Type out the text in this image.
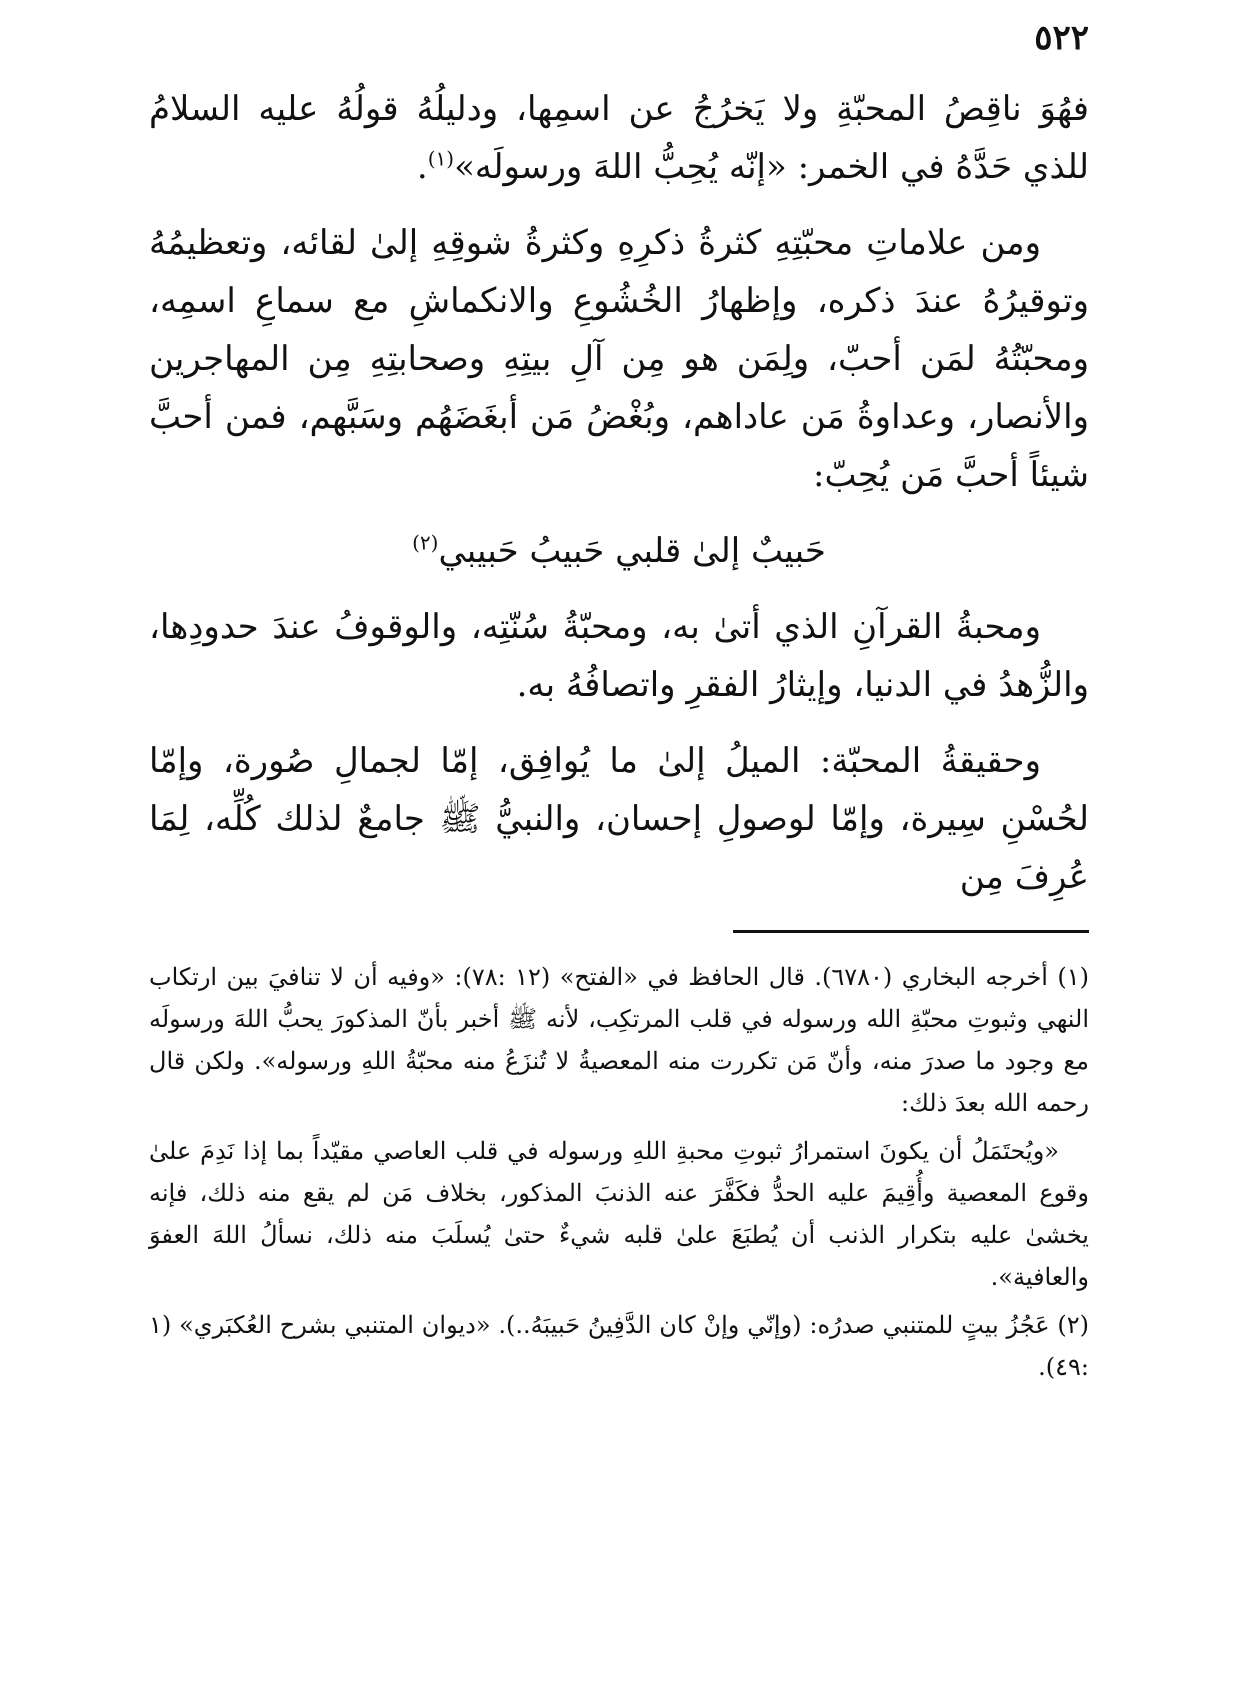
٥٢٢

فهُوَ ناقِصُ المحبّةِ ولا يَخرُجُ عن اسمِها، ودليلُهُ قولُهُ عليه السلامُ للذي حَدَّهُ في الخمر: «إنّه يُحِبُّ اللهَ ورسولَه»$^{(١)}$.

ومن علاماتِ محبّتِهِ كثرةُ ذكرِهِ وكثرةُ شوقِهِ إلىٰ لقائه، وتعظيمُهُ وتوقيرُهُ عندَ ذكره، وإظهارُ الخُشُوعِ والانكماشِ مع سماعِ اسمِه، ومحبّتُهُ لمَن أحبّ، ولِمَن هو مِن آلِ بيتِهِ وصحابتِهِ مِن المهاجرين والأنصار، وعداوةُ مَن عاداهم، وبُغْضُ مَن أبغَضَهُم وسَبَّهم، فمن أحبَّ شيئاً أحبَّ مَن يُحِبّ:

حَبيبٌ إلىٰ قلبي حَبيبُ حَبيبي$^{(٢)}$

ومحبةُ القرآنِ الذي أتىٰ به، ومحبّةُ سُنّتِه، والوقوفُ عندَ حدودِها، والزُّهدُ في الدنيا، وإيثارُ الفقرِ واتصافُهُ به.

وحقيقةُ المحبّة: الميلُ إلىٰ ما يُوافِق، إمّا لجمالِ صُورة، وإمّا لحُسْنِ سِيرة، وإمّا لوصولِ إحسان، والنبيُّ ﷺ جامعٌ لذلك كُلِّه، لِمَا عُرِفَ مِن

(١) أخرجه البخاري (٦٧٨٠). قال الحافظ في «الفتح» (١٢ :٧٨): «وفيه أن لا تنافيَ بين ارتكاب النهي وثبوتِ محبّةِ الله ورسوله في قلب المرتكِب، لأنه ﷺ أخبر بأنّ المذكورَ يحبُّ اللهَ ورسولَه مع وجود ما صدرَ منه، وأنّ مَن تكررت منه المعصيةُ لا تُنزَعُ منه محبّةُ اللهِ ورسوله». ولكن قال رحمه الله بعدَ ذلك:

«ويُحتَمَلُ أن يكونَ استمرارُ ثبوتِ محبةِ اللهِ ورسوله في قلب العاصي مقيّداً بما إذا نَدِمَ علىٰ وقوع المعصية وأُقِيمَ عليه الحدُّ فكَفَّرَ عنه الذنبَ المذكور، بخلاف مَن لم يقع منه ذلك، فإنه يخشىٰ عليه بتكرار الذنب أن يُطبَعَ علىٰ قلبه شيءٌ حتىٰ يُسلَبَ منه ذلك، نسألُ اللهَ العفوَ والعافية».

(٢) عَجُزُ بيتٍ للمتنبي صدرُه: (وإنّي وإنْ كان الدَّفِينُ حَبيبَهُ..). «ديوان المتنبي بشرح العُكبَري» (١ :٤٩).
